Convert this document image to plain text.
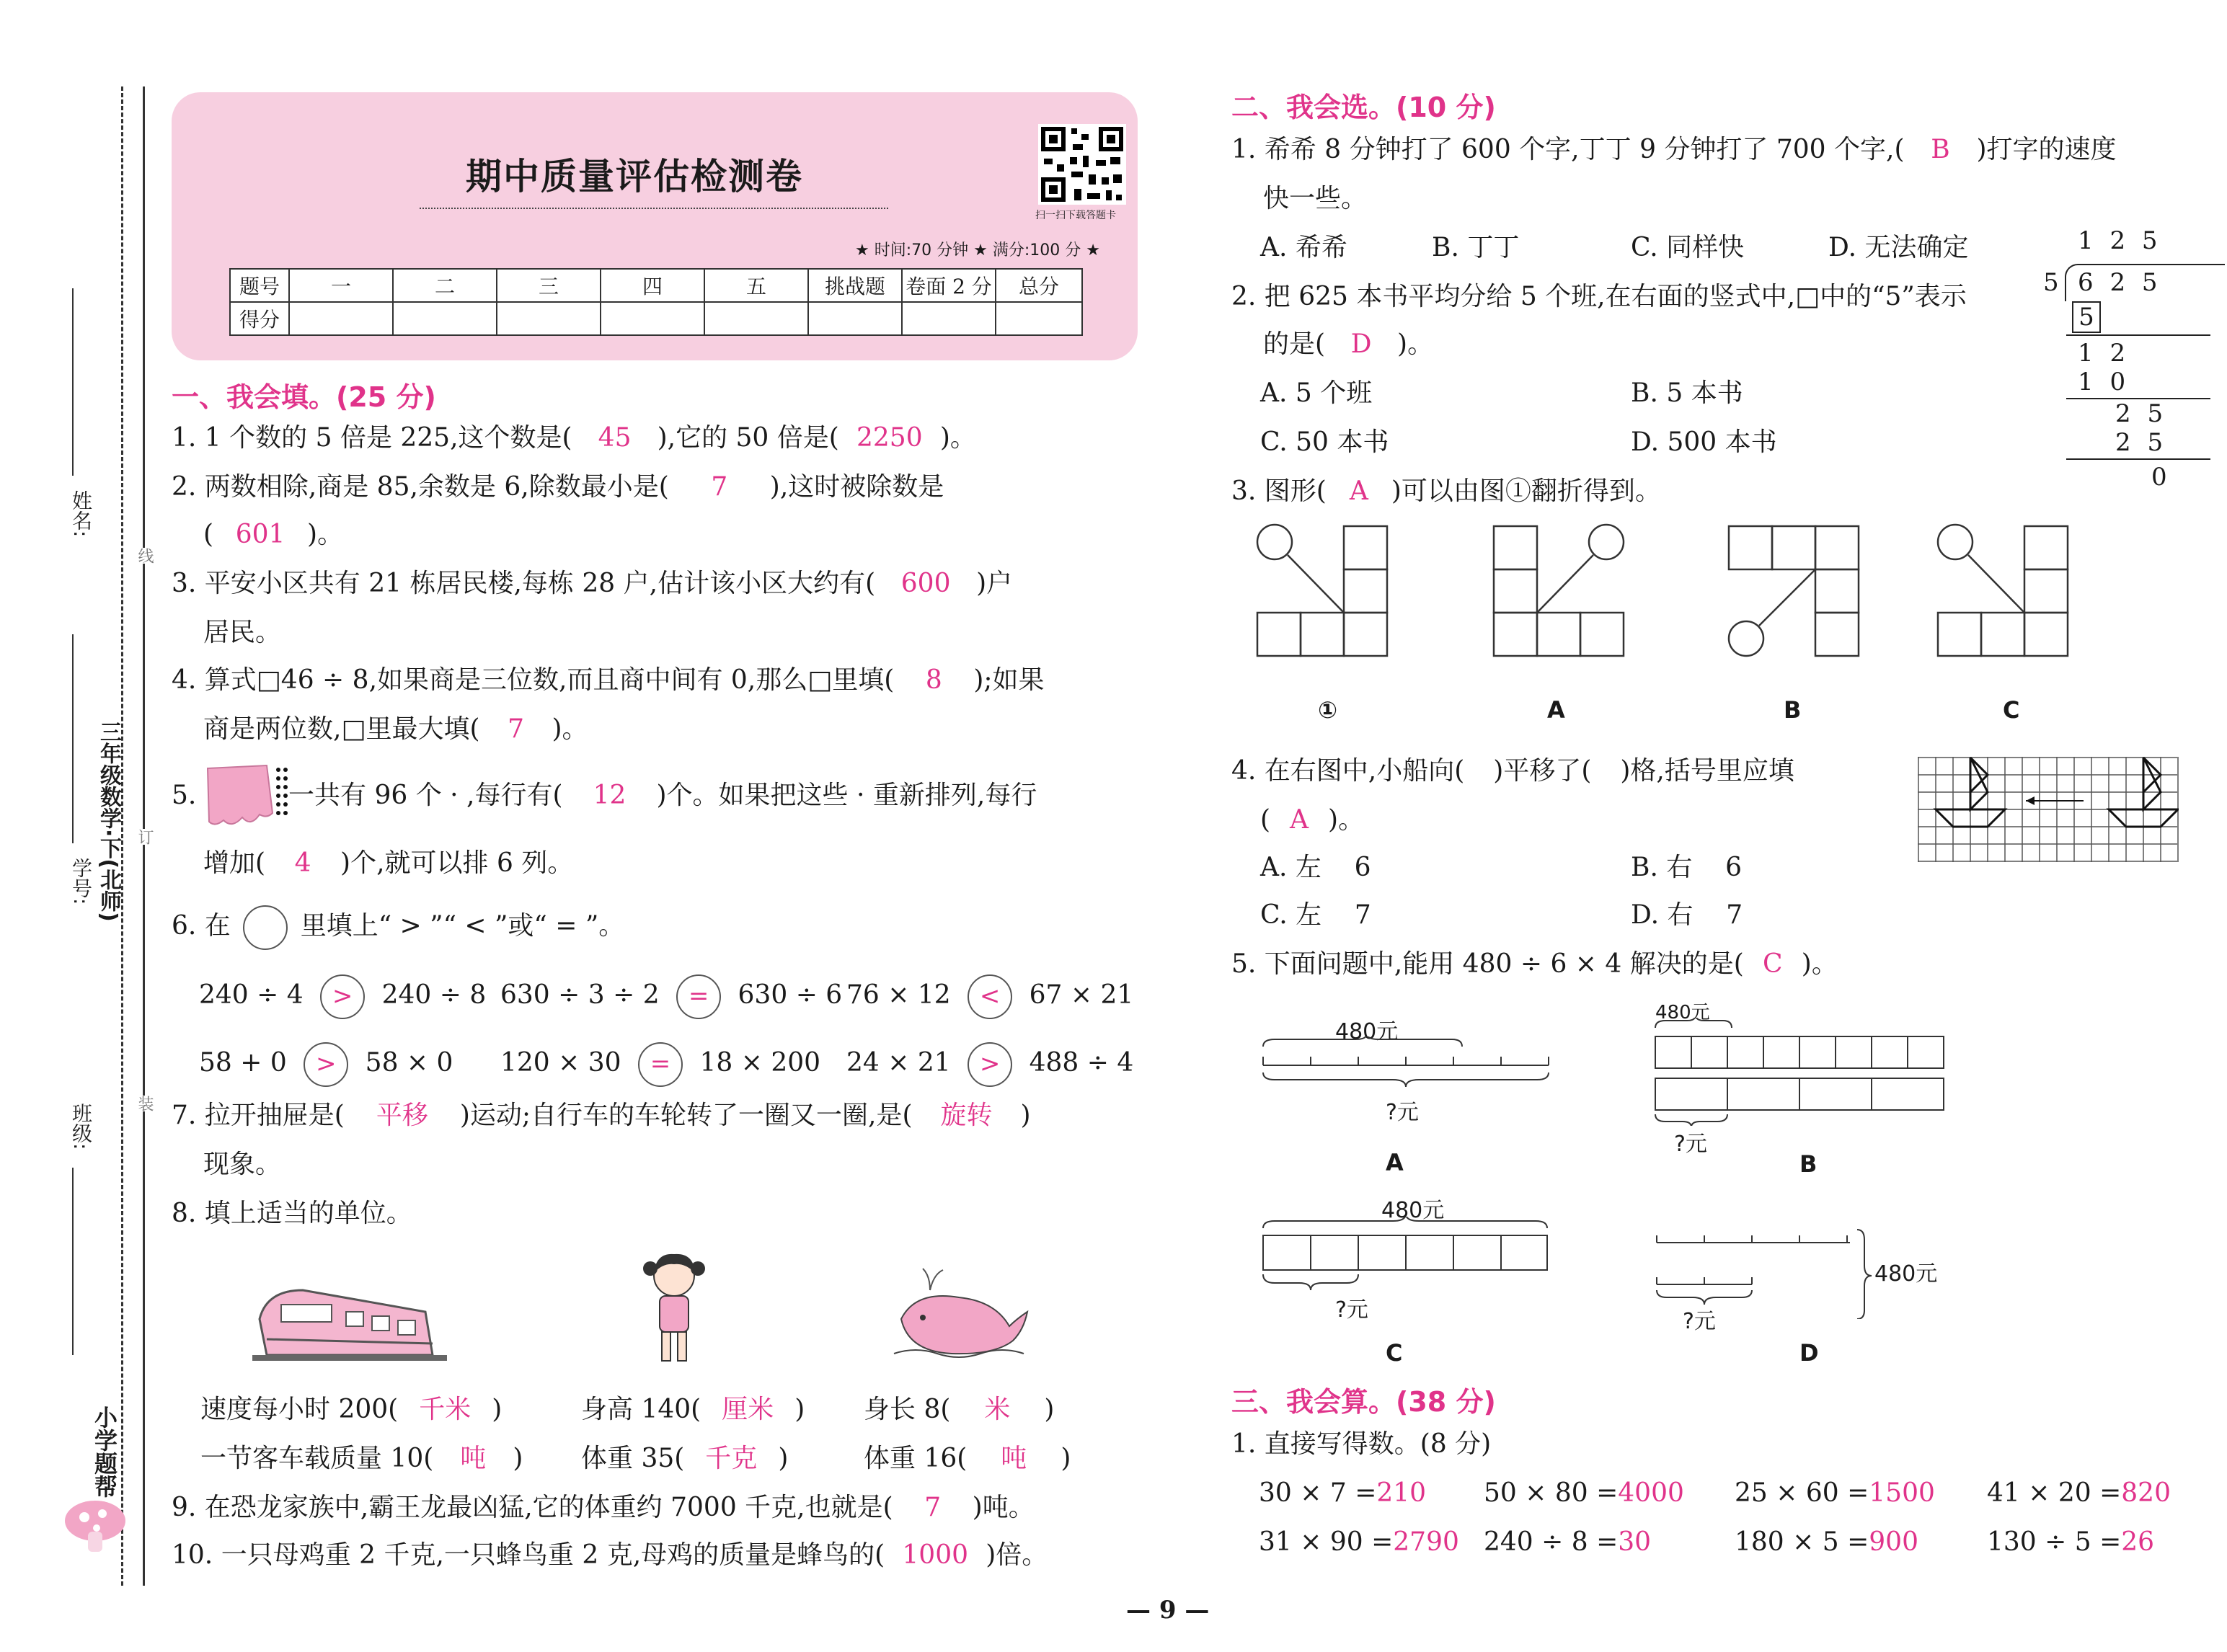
姓名:
学号:
班级:
三年级数学·下(北师)
线
订
装
小学题帮
期中质量评估检测卷
扫一扫下载答题卡
★ 时间:70 分钟 ★ 满分:100 分 ★
题号	一	二	三	四	五	挑战题	卷面 2 分	总分
得分								
一、我会填。(25 分)
1. 1 个数的 5 倍是 225,这个数是( 45 ),它的 50 倍是( 2250 )。
2. 两数相除,商是 85,余数是 6,除数最小是( 7 ),这时被除数是
( 601 )。
3. 平安小区共有 21 栋居民楼,每栋 28 户,估计该小区大约有( 600 )户
居民。
4. 算式□46 ÷ 8,如果商是三位数,而且商中间有 0,那么□里填( 8 );如果
商是两位数,□里最大填( 7 )。
5.	一共有 96 个 · ,每行有( 12 )个。如果把这些 · 重新排列,每行
增加( 4 )个,就可以排 6 列。
6. 在	里填上“ > ”“ < ”或“ = ”。
240 ÷ 4 > 240 ÷ 8 630 ÷ 3 ÷ 2 = 630 ÷ 6 76 × 12 < 67 × 21
58 + 0 > 58 × 0 120 × 30 = 18 × 200 24 × 21 > 488 ÷ 4
7. 拉开抽屉是( 平移 )运动;自行车的车轮转了一圈又一圈,是( 旋转 )
现象。
8. 填上适当的单位。
速度每小时 200( 千米 )	身高 140( 厘米 ) 身长 8( 米 )
一节客车载质量 10( 吨 ) 体重 35( 千克 )	体重 16( 吨 )
9. 在恐龙家族中,霸王龙最凶猛,它的体重约 7000 千克,也就是( 7 )吨。
10. 一只母鸡重 2 千克,一只蜂鸟重 2 克,母鸡的质量是蜂鸟的( 1000 )倍。
二、我会选。(10 分)
1. 希希 8 分钟打了 600 个字,丁丁 9 分钟打了 700 个字,( B )打字的速度
快一些。
A. 希希	B. 丁丁	C. 同样快	D. 无法确定
2. 把 625 本书平均分给 5 个班,在右面的竖式中,□中的“5”表示
的是( D )。
A. 5 个班	B. 5 本书
C. 50 本书	D. 500 本书
1 2 5
5 6 2 5
5
1 2
1 0
2 5
2 5
0
3. 图形( A )可以由图①翻折得到。
①	A	B	C
4. 在右图中,小船向( )平移了( )格,括号里应填
( A )。
A. 左    6	B. 右    6
C. 左    7	D. 右    7
5. 下面问题中,能用 480 ÷ 6 × 4 解决的是( C )。
480元
?元
A
480元
?元
B
480元
?元
C
480元
?元
D
三、我会算。(38 分)
1. 直接写得数。(8 分)
30 × 7 =210 50 × 80 =4000 25 × 60 =1500 41 × 20 =820
31 × 90 =2790 240 ÷ 8 =30	180 × 5 =900	130 ÷ 5 =26
— 9 —
